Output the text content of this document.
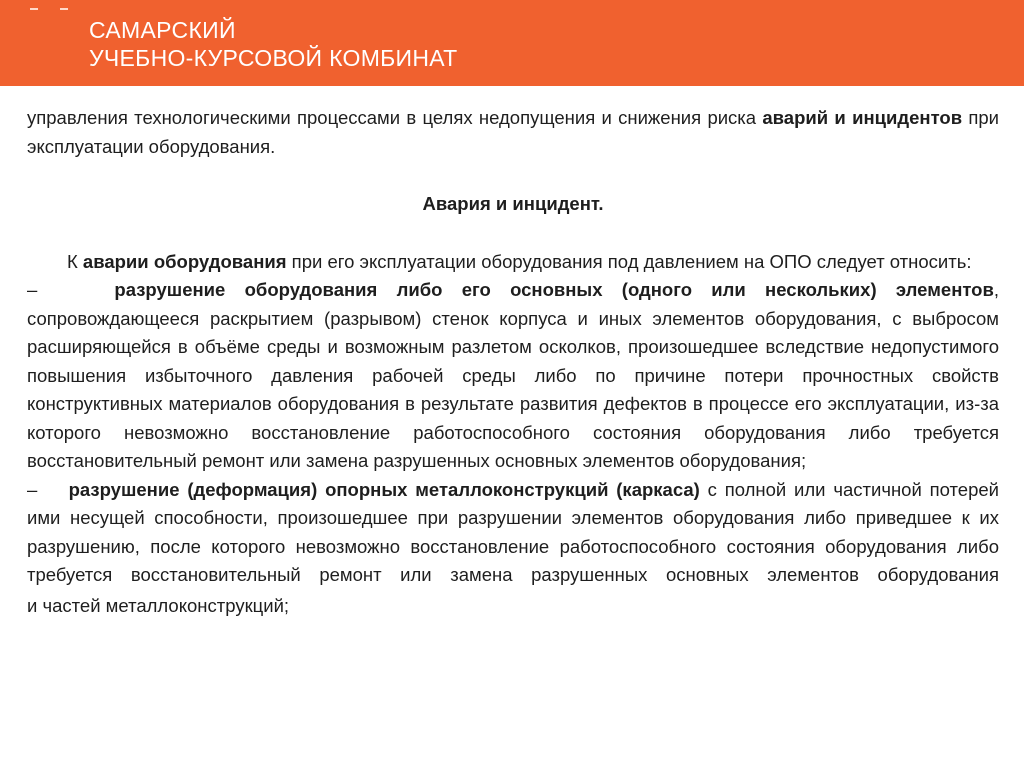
САМАРСКИЙ
УЧЕБНО-КУРСОВОЙ КОМБИНАТ

управления технологическими процессами в целях недопущения и снижения риска аварий и инцидентов при эксплуатации оборудования.

Авария и инцидент.

К аварии оборудования при его эксплуатации оборудования под давлением на ОПО следует относить:

–	разрушение оборудования либо его основных (одного или нескольких) элементов, сопровождающееся раскрытием (разрывом) стенок корпуса и иных элементов оборудования, с выбросом расширяющейся в объёме среды и возможным разлетом осколков, произошедшее вследствие недопустимого повышения избыточного давления рабочей среды либо по причине потери прочностных свойств конструктивных материалов оборудования в результате развития дефектов в процессе его эксплуатации, из-за которого невозможно восстановление работоспособного состояния оборудования либо требуется восстановительный ремонт или замена разрушенных основных элементов оборудования;

– разрушение (деформация) опорных металлоконструкций (каркаса) с полной или частичной потерей ими несущей способности, произошедшее при разрушении элементов оборудования либо приведшее к их разрушению, после которого невозможно восстановление работоспособного состояния оборудования либо требуется восстановительный ремонт или замена разрушенных основных элементов оборудования

и частей металлоконструкций;
